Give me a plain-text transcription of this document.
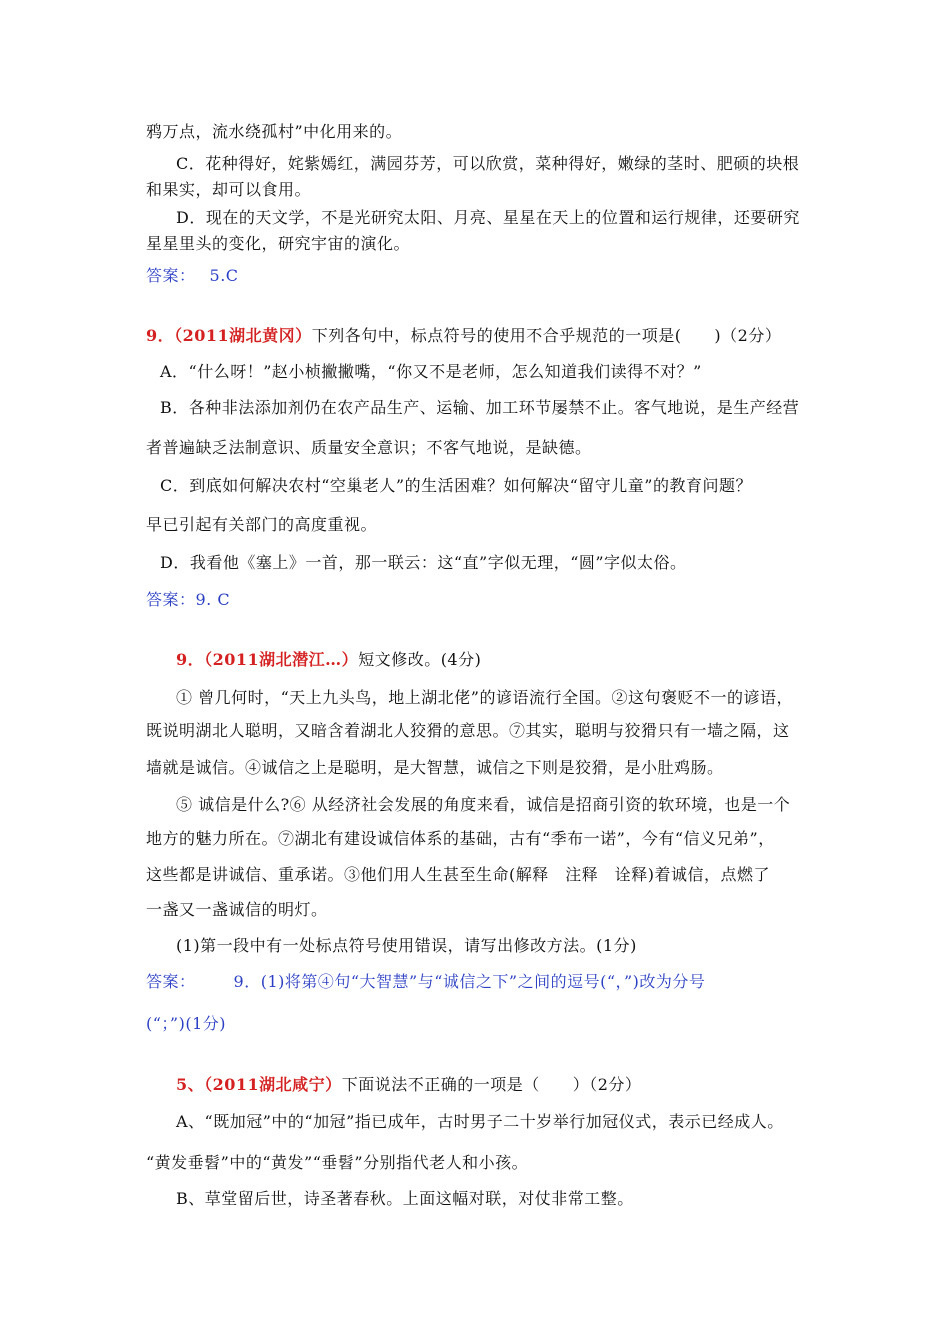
鸦万点，流水绕孤村”中化用来的。
C．花种得好，姹紫嫣红，满园芬芳，可以欣赏，菜种得好，嫩绿的茎时、肥硕的块根
和果实，却可以食用。
D．现在的天文学，不是光研究太阳、月亮、星星在天上的位置和运行规律，还要研究
星星里头的变化，研究宇宙的演化。
答案： 5.C
9．（2011湖北黄冈）下列各句中，标点符号的使用不合乎规范的一项是(　　)（2分）
A．“什么呀！”赵小桢撇撇嘴，“你又不是老师，怎么知道我们读得不对？”
B．各种非法添加剂仍在农产品生产、运输、加工环节屡禁不止。客气地说，是生产经营
者普遍缺乏法制意识、质量安全意识；不客气地说，是缺德。
C．到底如何解决农村“空巢老人”的生活困难？如何解决“留守儿童”的教育问题？
早已引起有关部门的高度重视。
D．我看他《塞上》一首，那一联云：这“直”字似无理，“圆”字似太俗。
答案：9. C
9．（2011湖北潜江…）短文修改。(4分)
① 曾几何时，“天上九头鸟，地上湖北佬”的谚语流行全国。②这句褒贬不一的谚语，
既说明湖北人聪明，又暗含着湖北人狡猾的意思。⑦其实，聪明与狡猾只有一墙之隔，这
墙就是诚信。④诚信之上是聪明，是大智慧，诚信之下则是狡猾，是小肚鸡肠。
⑤ 诚信是什么?⑥ 从经济社会发展的角度来看，诚信是招商引资的软环境，也是一个
地方的魅力所在。⑦湖北有建设诚信体系的基础，古有“季布一诺”，今有“信义兄弟”，
这些都是讲诚信、重承诺。③他们用人生甚至生命(解释　注释　诠释)着诚信，点燃了
一盏又一盏诚信的明灯。
(1)第一段中有一处标点符号使用错误，请写出修改方法。(1分)
答案： 9．(1)将第④句“大智慧”与“诚信之下”之间的逗号(“，”)改为分号
(“；”)(1分)
5、（2011湖北咸宁）下面说法不正确的一项是（　　）（2分）
A、“既加冠”中的“加冠”指已成年，古时男子二十岁举行加冠仪式，表示已经成人。
“黄发垂髫”中的“黄发”“垂髫”分别指代老人和小孩。
B、草堂留后世，诗圣著春秋。上面这幅对联，对仗非常工整。
